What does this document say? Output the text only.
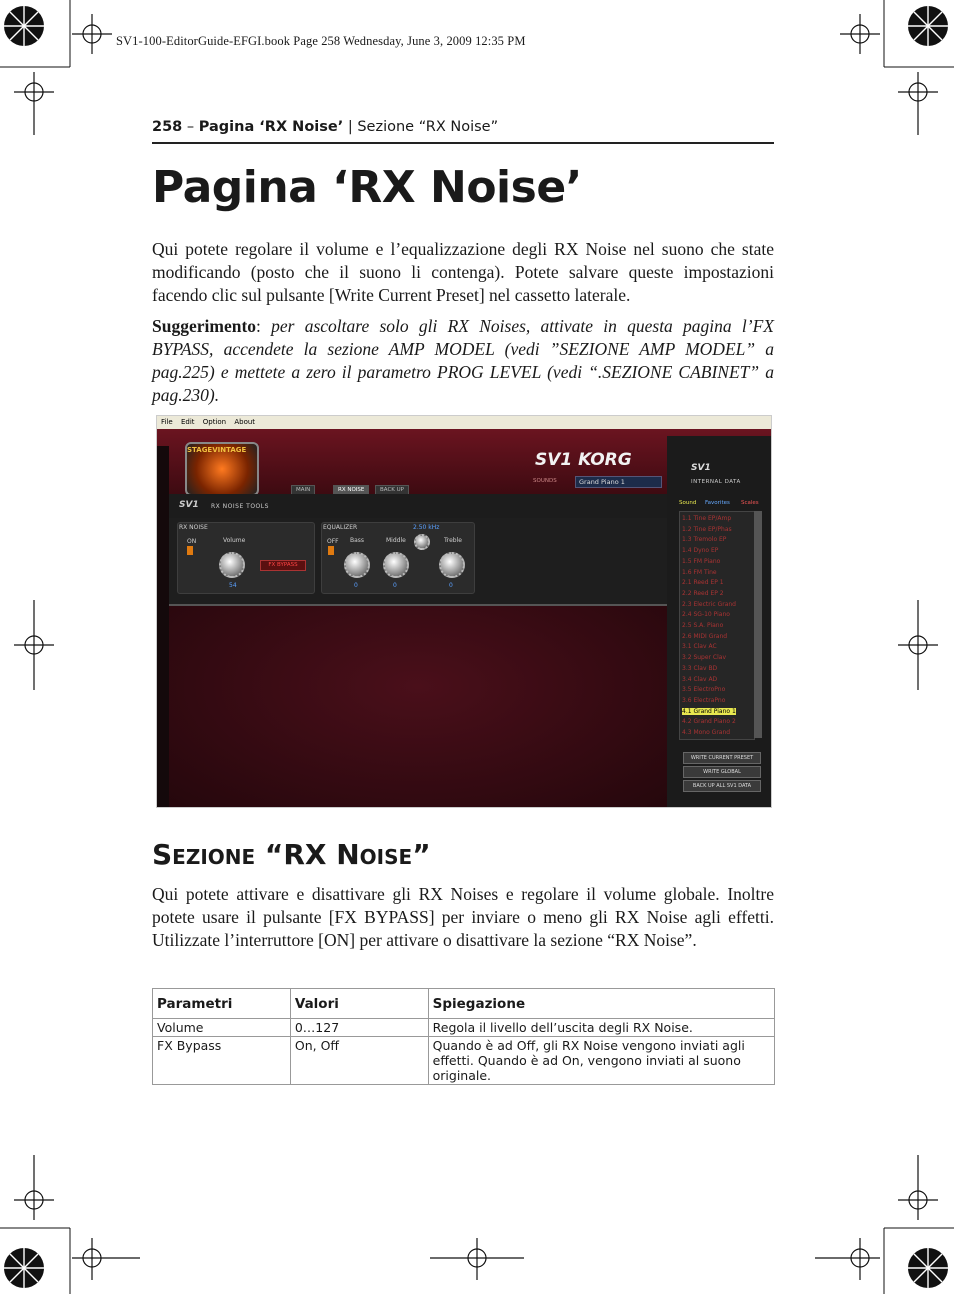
SV1-100-EditorGuide-EFGI.book Page 258 Wednesday, June 3, 2009 12:35 PM
258 – Pagina ‘RX Noise’ | Sezione “RX Noise”
Pagina ‘RX Noise’
Qui potete regolare il volume e l’equalizzazione degli RX Noise nel suono che state modificando (posto che il suono li contenga). Potete salvare queste impostazioni facendo clic sul pulsante [Write Current Preset] nel cassetto laterale.
Suggerimento: per ascoltare solo gli RX Noises, attivate in questa pagina l’FX BYPASS, accendete la sezione AMP MODEL (vedi ”SEZIONE AMP MODEL” a pag.225) e mettete a zero il parametro PROG LEVEL (vedi “.SEZIONE CABINET” a pag.230).
File Edit Option About
STAGEVINTAGE	SV1 KORG
SOUNDS	Grand Piano 1
MAIN	RX NOISE	BACK UP
SV1
INTERNAL DATA
Sound Favorites Scales
1.1 Tine EP/Amp
1.2 Tine EP/Phas
1.3 Tremolo EP
1.4 Dyno EP
1.5 FM Piano
1.6 FM Tine
2.1 Reed EP 1
2.2 Reed EP 2
2.3 Electric Grand
2.4 SG-10 Piano
2.5 S.A. Piano
2.6 MIDI Grand
3.1 Clav AC
3.2 Super Clav
3.3 Clav BD
3.4 Clav AD
3.5 ElectroPno
3.6 ElectraPno
4.1 Grand Piano 1
4.2 Grand Piano 2
4.3 Mono Grand
WRITE CURRENT PRESET
WRITE GLOBAL
BACK UP ALL SV1 DATA
SV1 RX NOISE TOOLS
RX NOISE
ON	Volume
54
FX BYPASS
EQUALIZER	2.50 kHz
OFF Bass
0
Middle
0
Treble
0
SEZIONE “RX NOISE”
Qui potete attivare e disattivare gli RX Noises e regolare il volume globale. Inoltre potete usare il pulsante [FX BYPASS] per inviare o meno gli RX Noise agli effetti. Utilizzate l’interruttore [ON] per attivare o disattivare la sezione “RX Noise”.
Parametri	Valori	Spiegazione
Volume	0…127	Regola il livello dell’uscita degli RX Noise.
FX Bypass	On, Off	Quando è ad Off, gli RX Noise vengono inviati agli effetti. Quando è ad On, vengono inviati al suono originale.
